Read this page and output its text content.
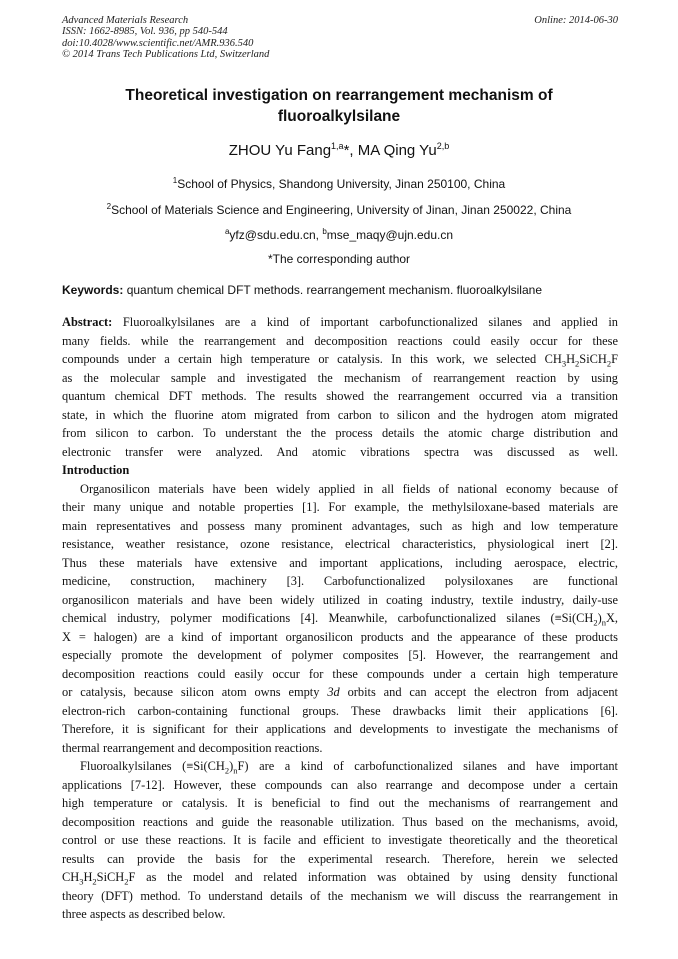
Advanced Materials Research
ISSN: 1662-8985, Vol. 936, pp 540-544
doi:10.4028/www.scientific.net/AMR.936.540
© 2014 Trans Tech Publications Ltd, Switzerland
Online: 2014-06-30
Theoretical investigation on rearrangement mechanism of
fluoroalkylsilane
ZHOU Yu Fang$^{1,a}$*, MA Qing Yu$^{2,b}$
$^1$School of Physics, Shandong University, Jinan 250100, China
$^2$School of Materials Science and Engineering, University of Jinan, Jinan 250022, China
$^a$yfz@sdu.edu.cn, $^b$mse_maqy@ujn.edu.cn
*The corresponding author
Keywords: quantum chemical DFT methods. rearrangement mechanism. fluoroalkylsilane
Abstract: Fluoroalkylsilanes are a kind of important carbofunctionalized silanes and applied in
many fields. while the rearrangement and decomposition reactions could easily occur for these
compounds under a certain high temperature or catalysis. In this work, we selected $CH_3H_2SiCH_2F$
as the molecular sample and investigated the mechanism of rearrangement reaction by using
quantum chemical DFT methods. The results showed the rearrangement occurred via a transition
state, in which the fluorine atom migrated from carbon to silicon and the hydrogen atom migrated
from silicon to carbon. To understant the the process details the atomic charge distribution and
electronic transfer were analyzed. And atomic vibrations spectra was discussed as well.
Introduction
Organosilicon materials have been widely applied in all fields of national economy because of
their many unique and notable properties [1]. For example, the methylsiloxane-based materials are
main representatives and possess many prominent advantages, such as high and low temperature
resistance, weather resistance, ozone resistance, electrical characteristics, physiological inert [2].
Thus these materials have extensive and important applications, including aerospace, electric,
medicine, construction, machinery [3]. Carbofunctionalized polysiloxanes are functional
organosilicon materials and have been widely utilized in coating industry, textile industry, daily-use
chemical industry, polymer modifications [4]. Meanwhile, carbofunctionalized silanes ($\equiv Si(CH_2)_nX$,
X = halogen) are a kind of important organosilicon products and the appearance of these products
especially promote the development of polymer composites [5]. However, the rearrangement and
decomposition reactions could easily occur for these compounds under a certain high temperature
or catalysis, because silicon atom owns empty 3d orbits and can accept the electron from adjacent
electron-rich carbon-containing functional groups. These drawbacks limit their applications [6].
Therefore, it is significant for their applications and developments to investigate the mechanisms of
thermal rearrangement and decomposition reactions.
Fluoroalkylsilanes $(\equiv Si(CH_2)_nF)$ are a kind of carbofunctionalized silanes and have important
applications [7-12]. However, these compounds can also rearrange and decompose under a certain
high temperature or catalysis. It is beneficial to find out the mechanisms of rearrangement and
decomposition reactions and guide the reasonable utilization. Thus based on the mechanisms, avoid,
control or use these reactions. It is facile and efficient to investigate theoretically and the theoretical
results can provide the basis for the experimental research. Therefore, herein we selected
$CH_3H_2SiCH_2F$ as the model and related information was obtained by using density functional
theory (DFT) method. To understand details of the mechanism we will discuss the rearrangement in
three aspects as described below.
